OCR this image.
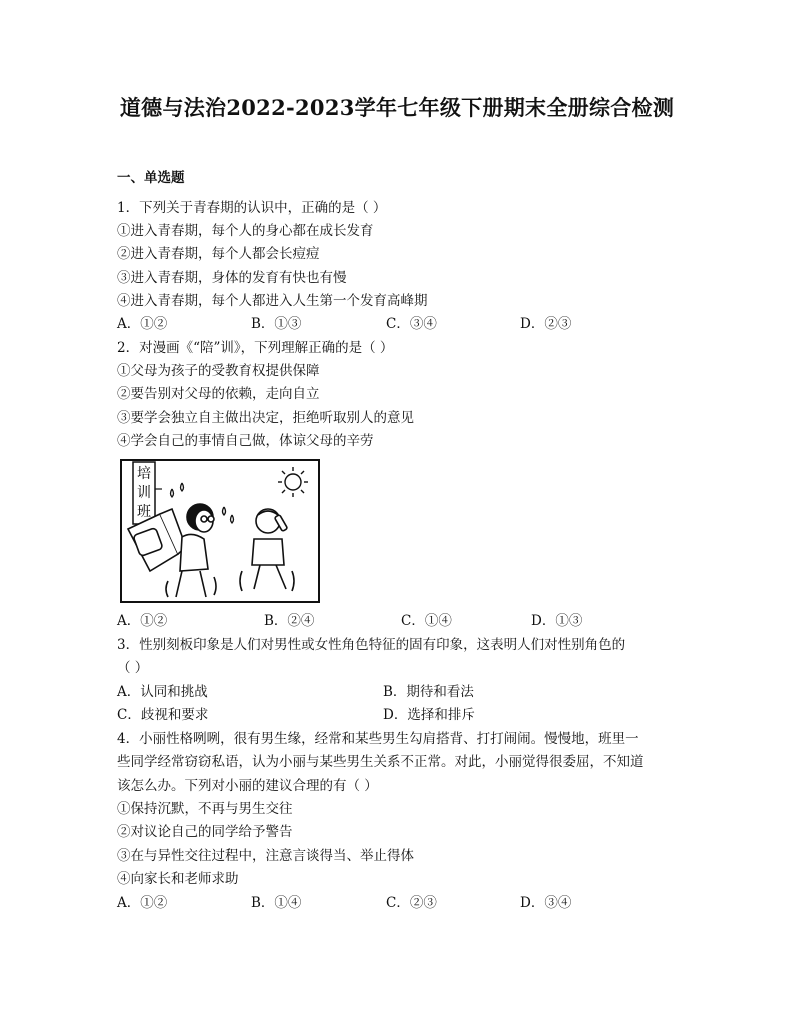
道德与法治2022-2023学年七年级下册期末全册综合检测
一、单选题
1．下列关于青春期的认识中，正确的是（ ）
①进入青春期，每个人的身心都在成长发育
②进入青春期，每个人都会长痘痘
③进入青春期，身体的发育有快也有慢
④进入青春期，每个人都进入人生第一个发育高峰期
A．①②	B．①③	C．③④	D．②③
2．对漫画《“陪”训》，下列理解正确的是（ ）
①父母为孩子的受教育权提供保障
②要告别对父母的依赖，走向自立
③要学会独立自主做出决定，拒绝听取别人的意见
④学会自己的事情自己做，体谅父母的辛劳
培
训
班
A．①②	B．②④	C．①④	D．①③
3．性别刻板印象是人们对男性或女性角色特征的固有印象，这表明人们对性别角色的
（ ）
A．认同和挑战	B．期待和看法
C．歧视和要求	D．选择和排斥
4．小丽性格咧咧，很有男生缘，经常和某些男生勾肩搭背、打打闹闹。慢慢地，班里一
些同学经常窃窃私语，认为小丽与某些男生关系不正常。对此，小丽觉得很委屈，不知道
该怎么办。下列对小丽的建议合理的有（ ）
①保持沉默，不再与男生交往
②对议论自己的同学给予警告
③在与异性交往过程中，注意言谈得当、举止得体
④向家长和老师求助
A．①②	B．①④	C．②③	D．③④
